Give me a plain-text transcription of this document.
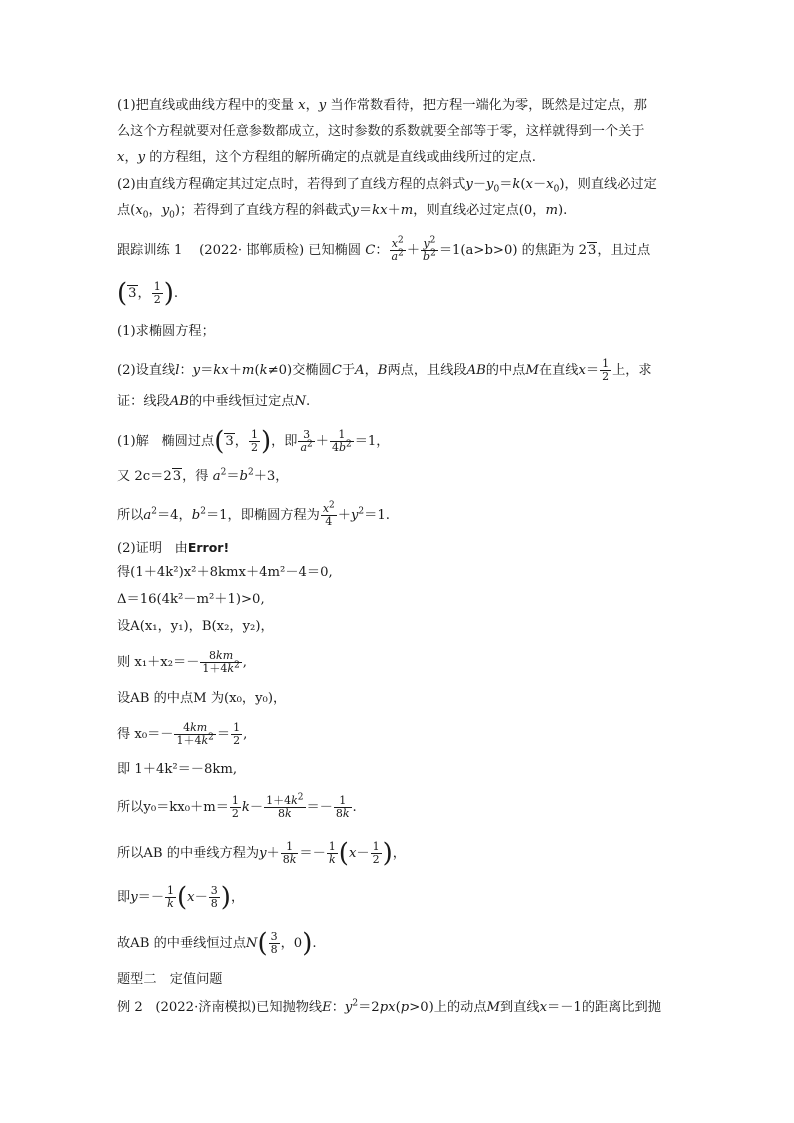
(1)把直线或曲线方程中的变量 x，y 当作常数看待，把方程一端化为零，既然是过定点，那
么这个方程就要对任意参数都成立，这时参数的系数就要全部等于零，这样就得到一个关于
x，y 的方程组，这个方程组的解所确定的点就是直线或曲线所过的定点.
(2)由直线方程确定其过定点时，若得到了直线方程的点斜式$y-y_0=k(x-x_0)$，则直线必过定
点($x_0$，$y_0$)；若得到了直线方程的斜截式y＝kx＋m，则直线必过定点(0，m).
跟踪训练 1 (2022· 邯郸质检) 已知椭圆 C： $\frac{x^2}{a^2} + \frac{y^2}{b^2} =1(a>b>0)$ 的焦距为 23，且过点
(3， $\frac{1}{2}$ ).
(1)求椭圆方程；
(2)设直线l：y＝kx＋m(k≠0)交椭圆C于A，B两点，且线段AB的中点M在直线$x= \frac{1}{2}$ 上，求
证：线段AB的中垂线恒过定点N.
(1)解 椭圆过点(3， $\frac{1}{2}$ )，即 $\frac{3}{a^2} + \frac{1}{4b^2} =1$，
又 2c＝23，得 $a^2=b^2+3$，
所以$a^2=4$，$b^2=1$，即椭圆方程为 $\frac{x^2}{4} +y^2=1$.
(2)证明 由Error!
得(1＋4k²)x²＋8kmx＋4m²－4＝0,
Δ＝16(4k²－m²＋1)>0,
设A(x₁，y₁)，B(x₂，y₂)，
则 $x_1+x_2=- \frac{8km}{1+4k^2}$ ,
设AB 的中点M 为(x₀，y₀)，
得 $x_0=- \frac{4km}{1+4k^2} = \frac{1}{2}$ ,
即 1＋4k²＝－8km,
所以$y_0=kx_0+m= \frac{1}{2} k- \frac{1+4k^2}{8k} =- \frac{1}{8k}$ .
所以AB 的中垂线方程为$y+ \frac{1}{8k} =- \frac{1}{k} (x- \frac{1}{2}$ )，
即$y=- \frac{1}{k} (x- \frac{3}{8}$ )，
故AB 的中垂线恒过点$N( \frac{3}{8}$ ，0).
题型二　定值问题
例 2 (2022·济南模拟)已知抛物线E：$y^2=2px(p>0)$上的动点M到直线x＝－1的距离比到抛
